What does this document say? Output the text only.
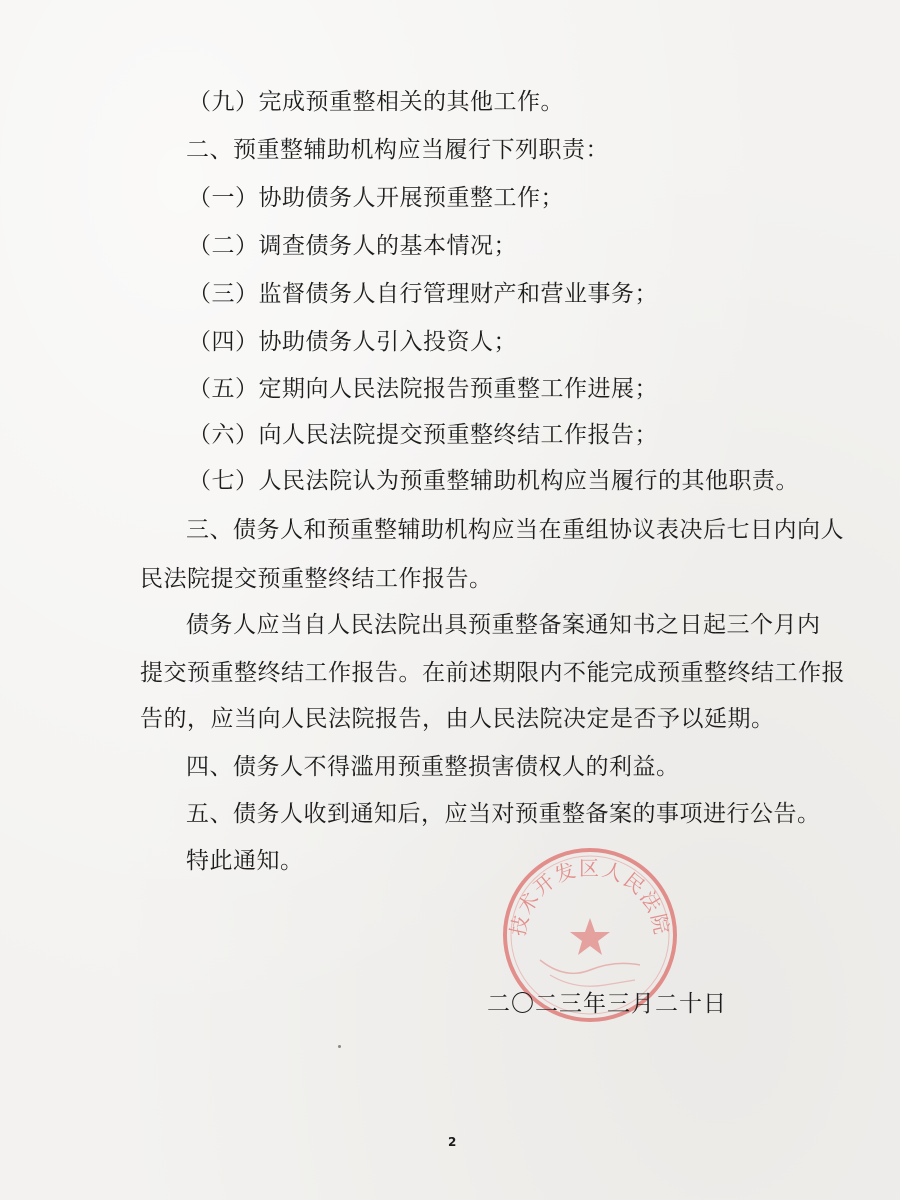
（九）完成预重整相关的其他工作。
二、预重整辅助机构应当履行下列职责：
（一）协助债务人开展预重整工作；
（二）调查债务人的基本情况；
（三）监督债务人自行管理财产和营业事务；
（四）协助债务人引入投资人；
（五）定期向人民法院报告预重整工作进展；
（六）向人民法院提交预重整终结工作报告；
（七）人民法院认为预重整辅助机构应当履行的其他职责。
三、债务人和预重整辅助机构应当在重组协议表决后七日内向人
民法院提交预重整终结工作报告。
债务人应当自人民法院出具预重整备案通知书之日起三个月内
提交预重整终结工作报告。在前述期限内不能完成预重整终结工作报
告的，应当向人民法院报告，由人民法院决定是否予以延期。
四、债务人不得滥用预重整损害债权人的利益。
五、债务人收到通知后，应当对预重整备案的事项进行公告。
特此通知。
技术开发区人民法院
二〇二三年三月二十日
2
